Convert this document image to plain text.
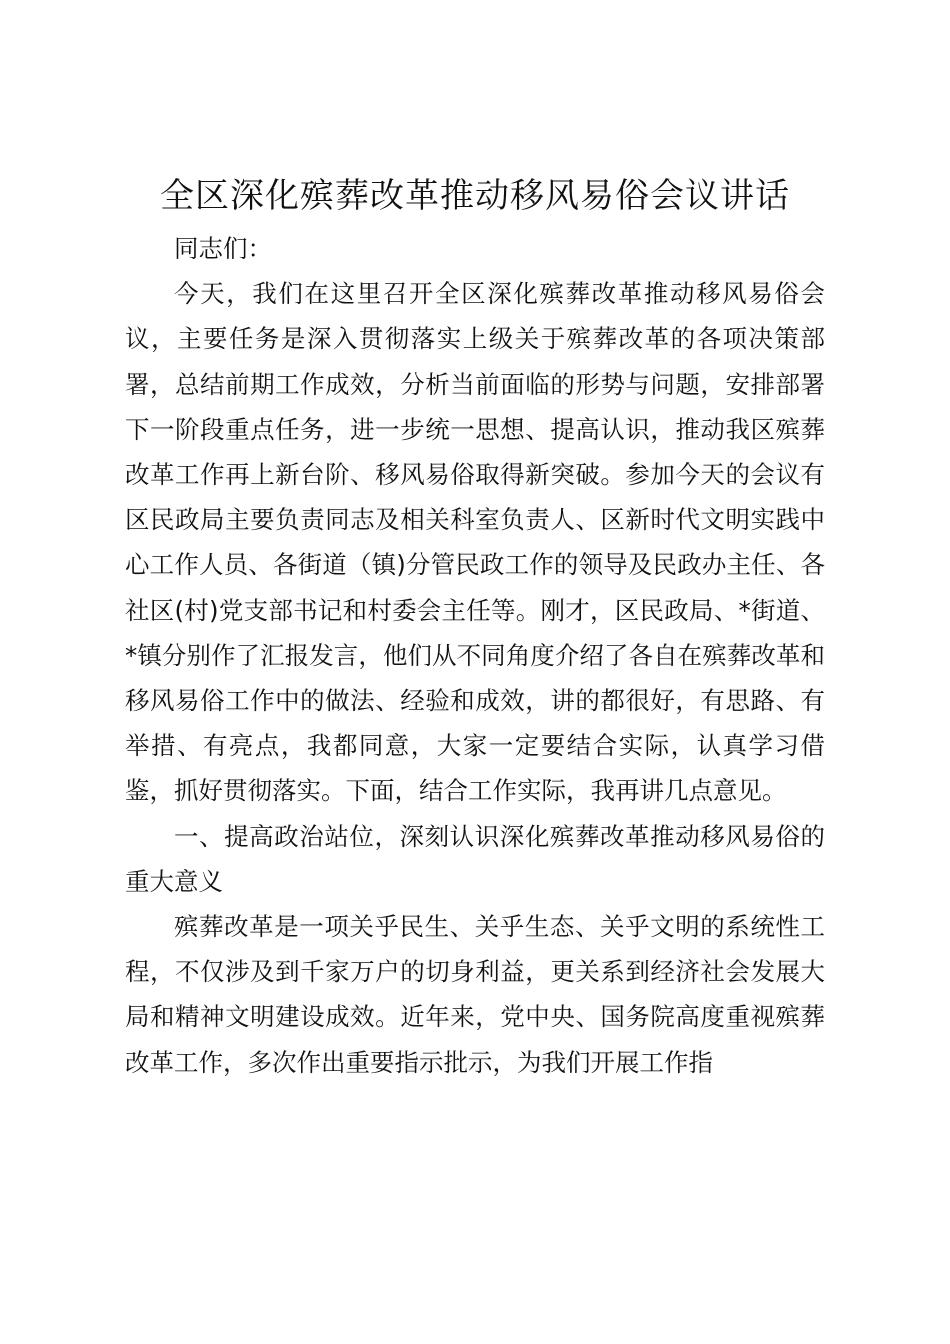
全区深化殡葬改革推动移风易俗会议讲话

同志们：

今天，我们在这里召开全区深化殡葬改革推动移风易俗会议，主要任务是深入贯彻落实上级关于殡葬改革的各项决策部署，总结前期工作成效，分析当前面临的形势与问题，安排部署下一阶段重点任务，进一步统一思想、提高认识，推动我区殡葬改革工作再上新台阶、移风易俗取得新突破。参加今天的会议有区民政局主要负责同志及相关科室负责人、区新时代文明实践中心工作人员、各街道（镇)分管民政工作的领导及民政办主任、各社区(村)党支部书记和村委会主任等。刚才，区民政局、*街道、*镇分别作了汇报发言，他们从不同角度介绍了各自在殡葬改革和移风易俗工作中的做法、经验和成效，讲的都很好，有思路、有举措、有亮点，我都同意，大家一定要结合实际，认真学习借鉴，抓好贯彻落实。下面，结合工作实际，我再讲几点意见。

一、提高政治站位，深刻认识深化殡葬改革推动移风易俗的重大意义

殡葬改革是一项关乎民生、关乎生态、关乎文明的系统性工程，不仅涉及到千家万户的切身利益，更关系到经济社会发展大局和精神文明建设成效。近年来，党中央、国务院高度重视殡葬改革工作，多次作出重要指示批示，为我们开展工作指
